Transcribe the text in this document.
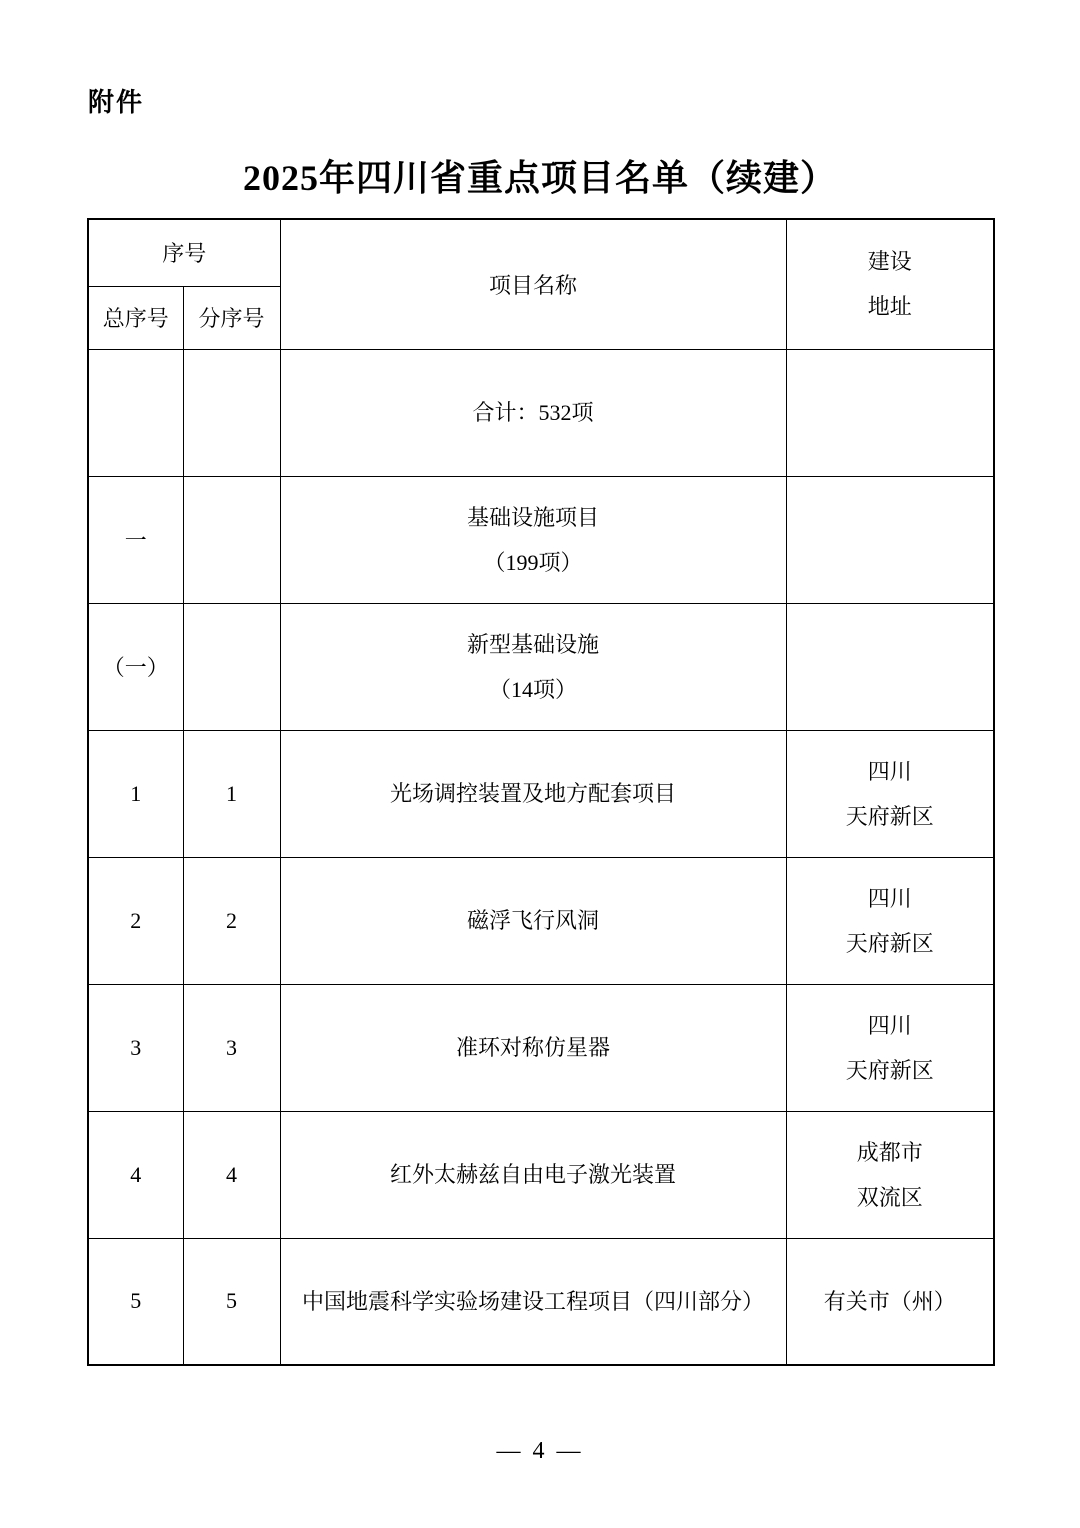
附件
2025年四川省重点项目名单（续建）
序号		项目名称	建设
地址

总序号	分序号		

		合计：532项	

一		基础设施项目
（199项）	

（一）		新型基础设施
（14项）	

1	1	光场调控装置及地方配套项目	四川
天府新区

2	2	磁浮飞行风洞	四川
天府新区

3	3	准环对称仿星器	四川
天府新区

4	4	红外太赫兹自由电子激光装置	成都市
双流区

5	5	中国地震科学实验场建设工程项目（四川部分）	有关市（州）
— 4 —
